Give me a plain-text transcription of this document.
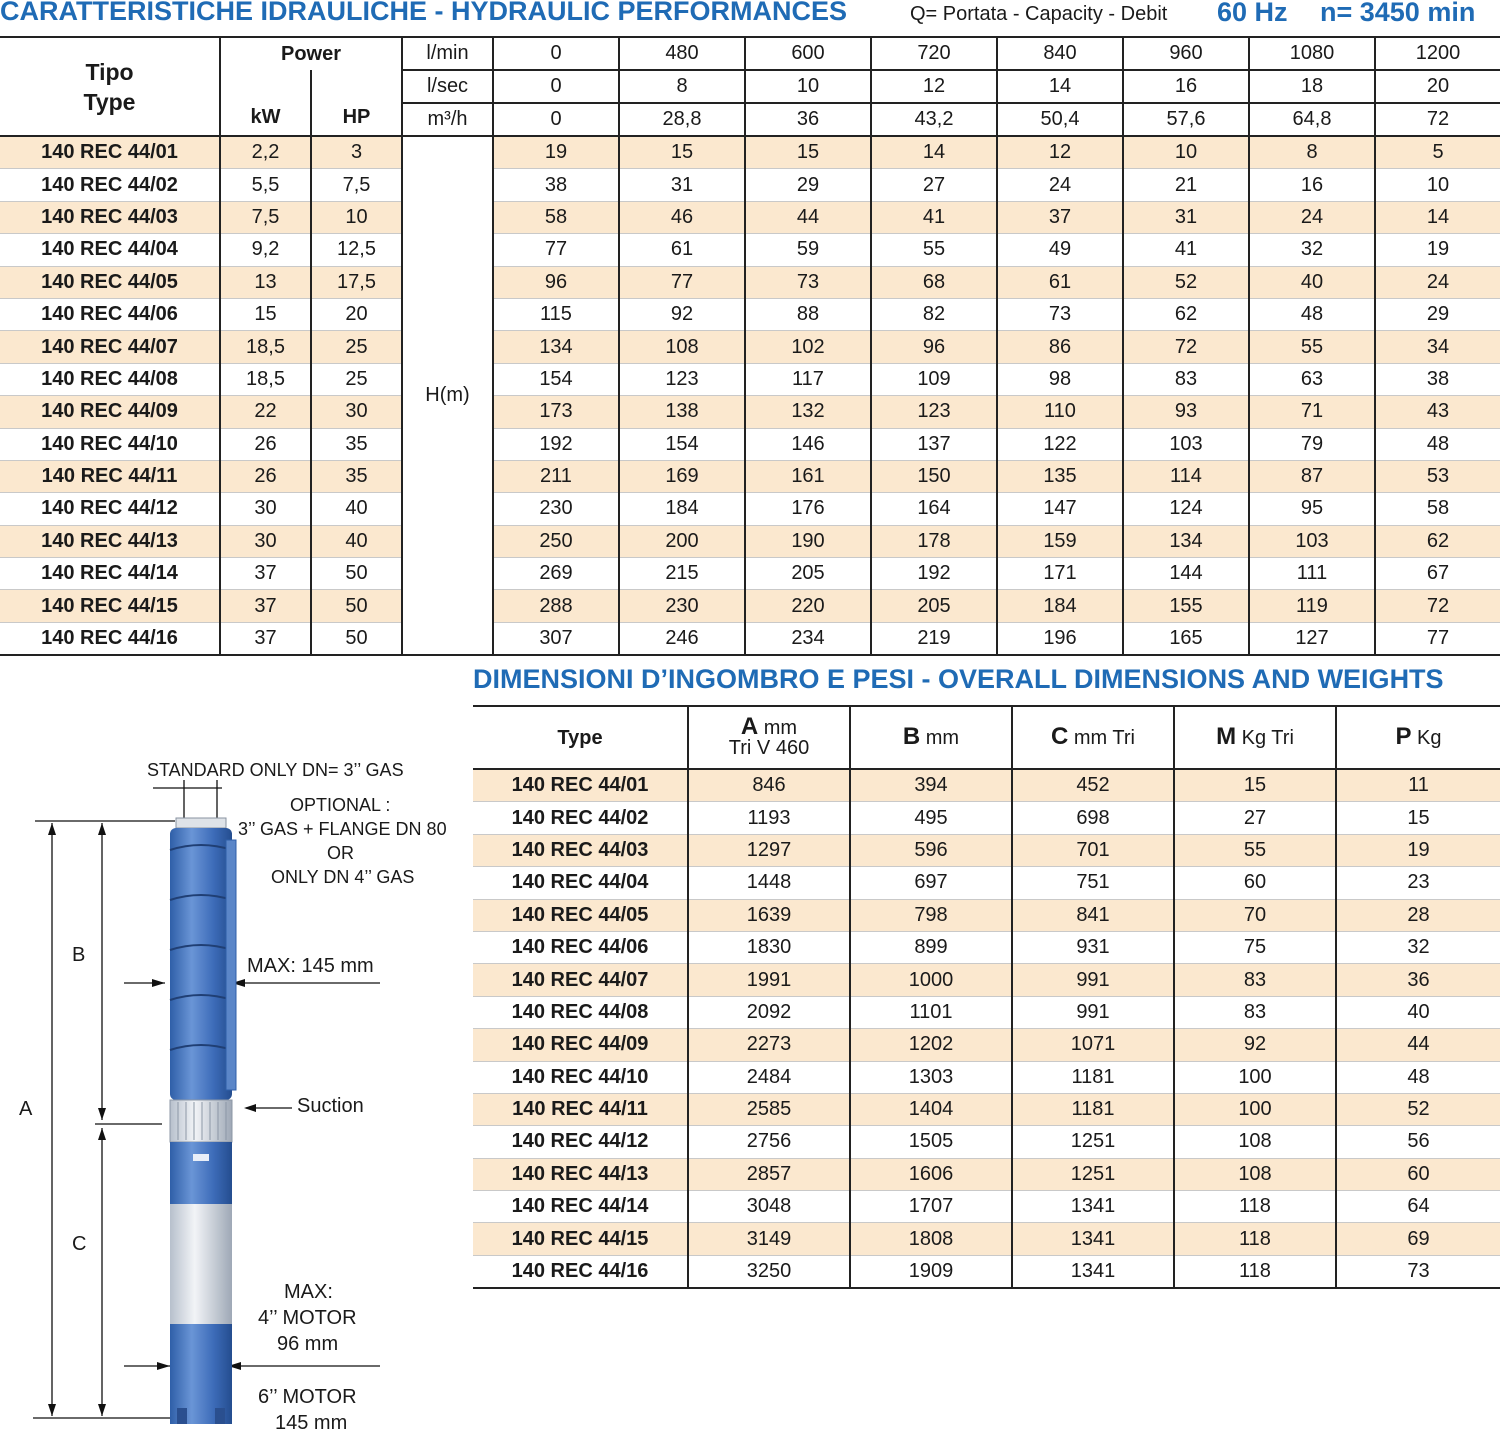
CARATTERISTICHE IDRAULICHE - HYDRAULIC PERFORMANCES	Q= Portata - Capacity - Debit 60 Hz n= 3450 min
Tipo
Type	Power		l/min	0	480	600	720	840	960	1080	1200
	kW	HP	l/sec	0	8	10	12	14	16	18	20
			m³/h	0	28,8	36	43,2	50,4	57,6	64,8	72
140 REC 44/01	2,2	3	H(m)	19	15	15	14	12	10	8	5
140 REC 44/02	5,5	7,5		38	31	29	27	24	21	16	10
140 REC 44/03	7,5	10		58	46	44	41	37	31	24	14
140 REC 44/04	9,2	12,5		77	61	59	55	49	41	32	19
140 REC 44/05	13	17,5		96	77	73	68	61	52	40	24
140 REC 44/06	15	20		115	92	88	82	73	62	48	29
140 REC 44/07	18,5	25		134	108	102	96	86	72	55	34
140 REC 44/08	18,5	25		154	123	117	109	98	83	63	38
140 REC 44/09	22	30		173	138	132	123	110	93	71	43
140 REC 44/10	26	35		192	154	146	137	122	103	79	48
140 REC 44/11	26	35		211	169	161	150	135	114	87	53
140 REC 44/12	30	40		230	184	176	164	147	124	95	58
140 REC 44/13	30	40		250	200	190	178	159	134	103	62
140 REC 44/14	37	50		269	215	205	192	171	144	111	67
140 REC 44/15	37	50		288	230	220	205	184	155	119	72
140 REC 44/16	37	50		307	246	234	219	196	165	127	77
DIMENSIONI D’INGOMBRO E PESI - OVERALL DIMENSIONS AND WEIGHTS
Type	A mm
Tri V 460	B mm	C mm Tri	M Kg Tri	P Kg
140 REC 44/01	846	394	452	15	11
140 REC 44/02	1193	495	698	27	15
140 REC 44/03	1297	596	701	55	19
140 REC 44/04	1448	697	751	60	23
140 REC 44/05	1639	798	841	70	28
140 REC 44/06	1830	899	931	75	32
140 REC 44/07	1991	1000	991	83	36
140 REC 44/08	2092	1101	991	83	40
140 REC 44/09	2273	1202	1071	92	44
140 REC 44/10	2484	1303	1181	100	48
140 REC 44/11	2585	1404	1181	100	52
140 REC 44/12	2756	1505	1251	108	56
140 REC 44/13	2857	1606	1251	108	60
140 REC 44/14	3048	1707	1341	118	64
140 REC 44/15	3149	1808	1341	118	69
140 REC 44/16	3250	1909	1341	118	73
STANDARD ONLY DN= 3’’ GAS
OPTIONAL :
3’’ GAS + FLANGE DN 80
OR
ONLY DN 4’’ GAS
MAX: 145 mm
Suction
MAX:
4’’ MOTOR
96 mm
6’’ MOTOR
145 mm
A
B
C
